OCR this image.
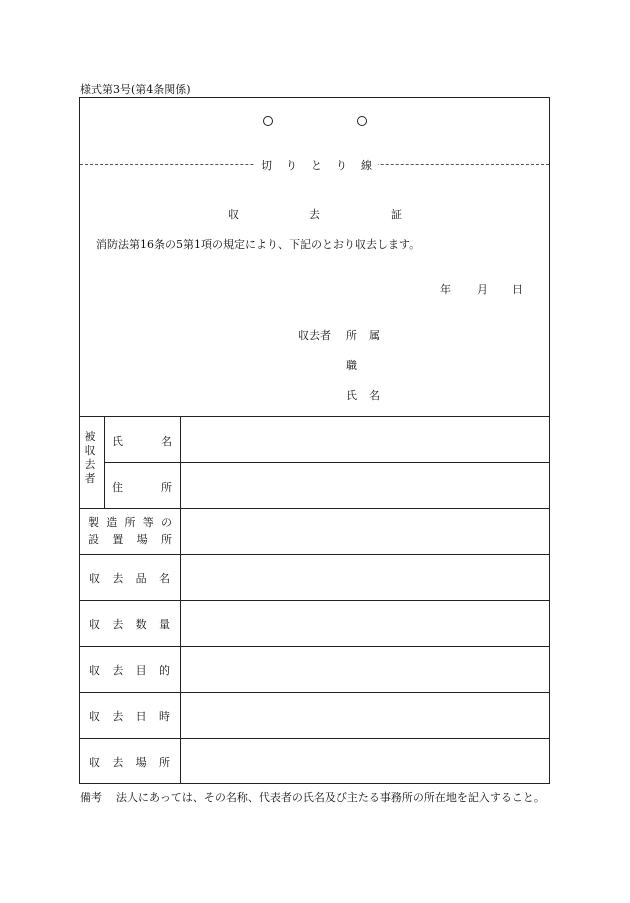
様式第3号(第4条関係)
切 り と り 線
収	去	証
消防法第16条の5第1項の規定により、下記のとおり収去します。
年 月 日
収去者 所 属
職
氏 名
被
収
去
者
氏	名
住	所
製 造 所 等 の
設 置 場 所
収 去 品 名
収 去 数 量
収 去 目 的
収 去 日 時
収 去 場 所
備考 法人にあっては、その名称、代表者の氏名及び主たる事務所の所在地を記入すること。
